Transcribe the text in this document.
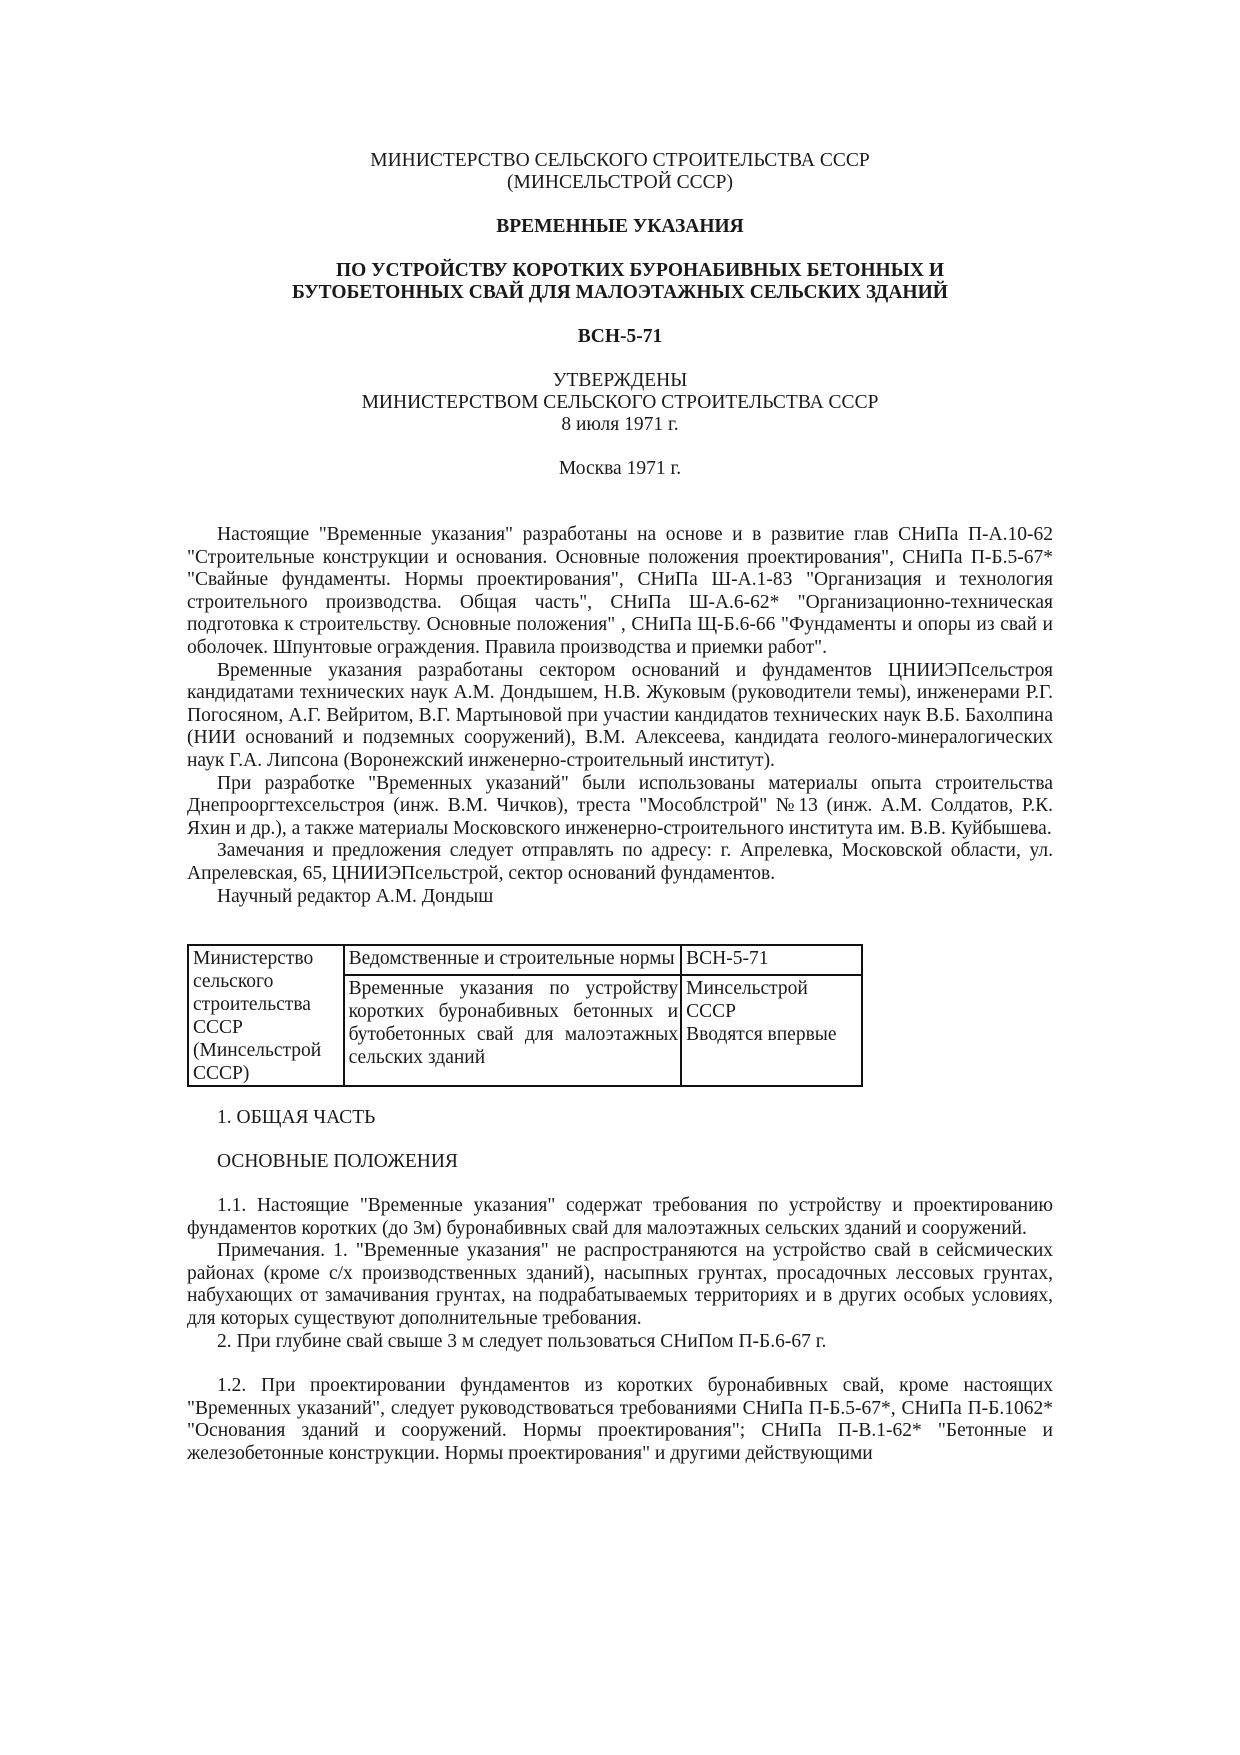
МИНИСТЕРСТВО СЕЛЬСКОГО СТРОИТЕЛЬСТВА СССР

(МИНСЕЛЬСТРОЙ СССР)

ВРЕМЕННЫЕ УКАЗАНИЯ

ПО УСТРОЙСТВУ КОРОТКИХ БУРОНАБИВНЫХ БЕТОННЫХ И

БУТОБЕТОННЫХ СВАЙ ДЛЯ МАЛОЭТАЖНЫХ СЕЛЬСКИХ ЗДАНИЙ

ВСН-5-71

УТВЕРЖДЕНЫ

МИНИСТЕРСТВОМ СЕЛЬСКОГО СТРОИТЕЛЬСТВА СССР

8 июля 1971 г.

Москва 1971 г.

Настоящие "Временные указания" разработаны на основе и в развитие глав СНиПа П-А.10-62 "Строительные конструкции и основания. Основные положения проектирования", СНиПа П-Б.5-67* "Свайные фундаменты. Нормы проектирования", СНиПа Ш-А.1-83 "Организация и технология строительного производства. Общая часть", СНиПа Ш-А.6-62* "Организационно-техническая подготовка к строительству. Основные положения" , СНиПа Щ-Б.6-66 "Фундаменты и опоры из свай и оболочек. Шпунтовые ограждения. Правила производства и приемки работ".

Временные указания разработаны сектором оснований и фундаментов ЦНИИЭПсельстроя кандидатами технических наук А.М. Дондышем, Н.В. Жуковым (руководители темы), инженерами Р.Г. Погосяном, А.Г. Вейритом, В.Г. Мартыновой при участии кандидатов технических наук В.Б. Бахолпина (НИИ оснований и подземных сооружений), В.М. Алексеева, кандидата геолого-минералогических наук Г.А. Липсона (Воронежский инженерно-строительный институт).

При разработке "Временных указаний" были использованы материалы опыта строительства Днепрооргтехсельстроя (инж. В.М. Чичков), треста "Мособлстрой" №13 (инж. А.М. Солдатов, Р.К. Яхин и др.), а также материалы Московского инженерно-строительного института им. В.В. Куйбышева.

Замечания и предложения следует отправлять по адресу: г. Апрелевка, Московской области, ул. Апрелевская, 65, ЦНИИЭПсельстрой, сектор оснований фундаментов.

Научный редактор А.М. Дондыш

Министерство сельского строительства СССР (Минсельстрой СССР)	Ведомственные и строительные нормы	ВСН-5-71
	Временные указания по устройству коротких буронабивных бетонных и бутобетонных свай для малоэтажных сельских зданий	Минсельстрой СССР
Вводятся впервые

1. ОБЩАЯ ЧАСТЬ

ОСНОВНЫЕ ПОЛОЖЕНИЯ

1.1. Настоящие "Временные указания" содержат требования по устройству и проектированию фундаментов коротких (до 3м) буронабивных свай для малоэтажных сельских зданий и сооружений.

Примечания. 1. "Временные указания" не распространяются на устройство свай в сейсмических районах (кроме с/х производственных зданий), насыпных грунтах, просадочных лессовых грунтах, набухающих от замачивания грунтах, на подрабатываемых территориях и в других особых условиях, для которых существуют дополнительные требования.

2. При глубине свай свыше 3 м следует пользоваться СНиПом П-Б.6-67 г.

1.2. При проектировании фундаментов из коротких буронабивных свай, кроме настоящих "Временных указаний", следует руководствоваться требованиями СНиПа П-Б.5-67*, СНиПа П-Б.1062* "Основания зданий и сооружений. Нормы проектирования"; СНиПа П-В.1-62* "Бетонные и железобетонные конструкции. Нормы проектирования" и другими действующими
